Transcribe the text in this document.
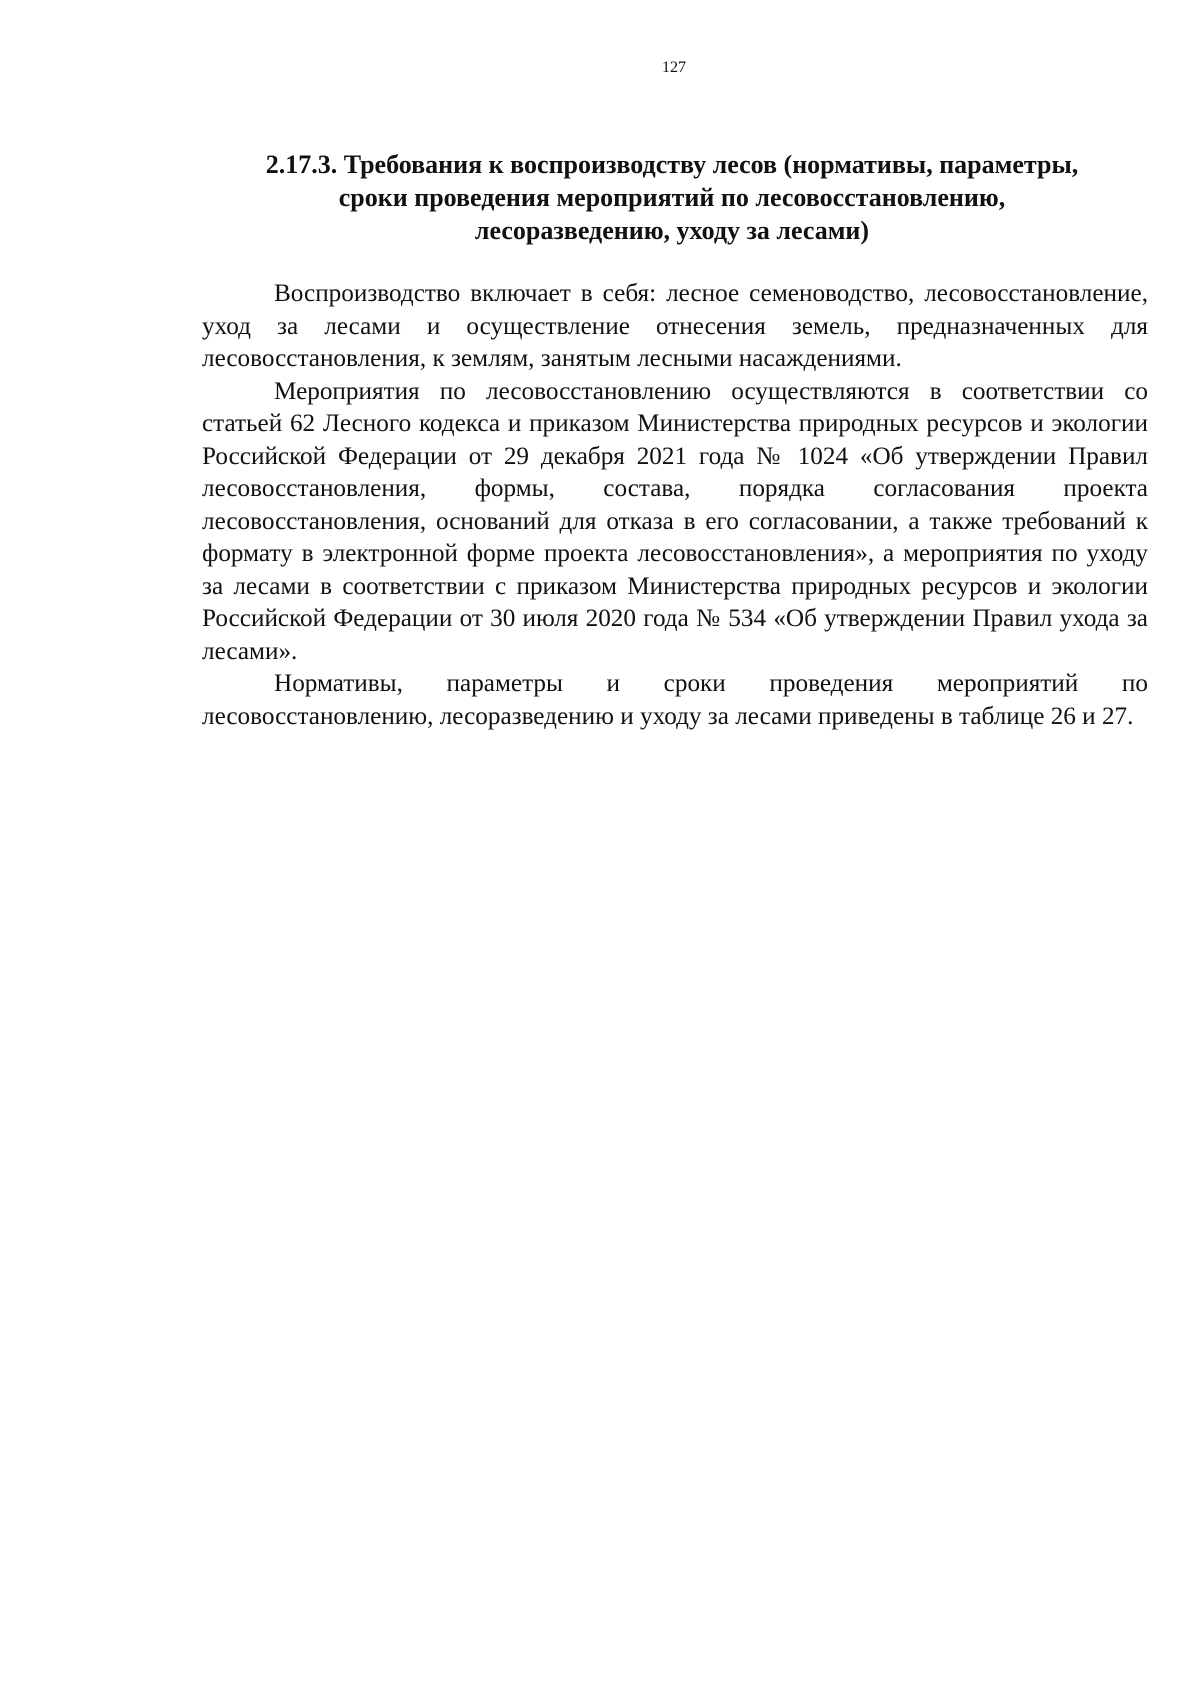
127
2.17.3. Требования к воспроизводству лесов (нормативы, параметры,
сроки проведения мероприятий по лесовосстановлению,
лесоразведению, уходу за лесами)

Воспроизводство включает в себя: лесное семеноводство, лесовосстановление, уход за лесами и осуществление отнесения земель, предназначенных для лесовосстановления, к землям, занятым лесными насаждениями.

Мероприятия по лесовосстановлению осуществляются в соответствии со статьей 62 Лесного кодекса и приказом Министерства природных ресурсов и экологии Российской Федерации от 29 декабря 2021 года № 1024 «Об утверждении Правил лесовосстановления, формы, состава, порядка согласования проекта лесовосстановления, оснований для отказа в его согласовании, а также требований к формату в электронной форме проекта лесовосстановления», а мероприятия по уходу за лесами в соответствии с приказом Министерства природных ресурсов и экологии Российской Федерации от 30 июля 2020 года № 534 «Об утверждении Правил ухода за лесами».

Нормативы, параметры и сроки проведения мероприятий по лесовосстановлению, лесоразведению и уходу за лесами приведены в таблице 26 и 27.
